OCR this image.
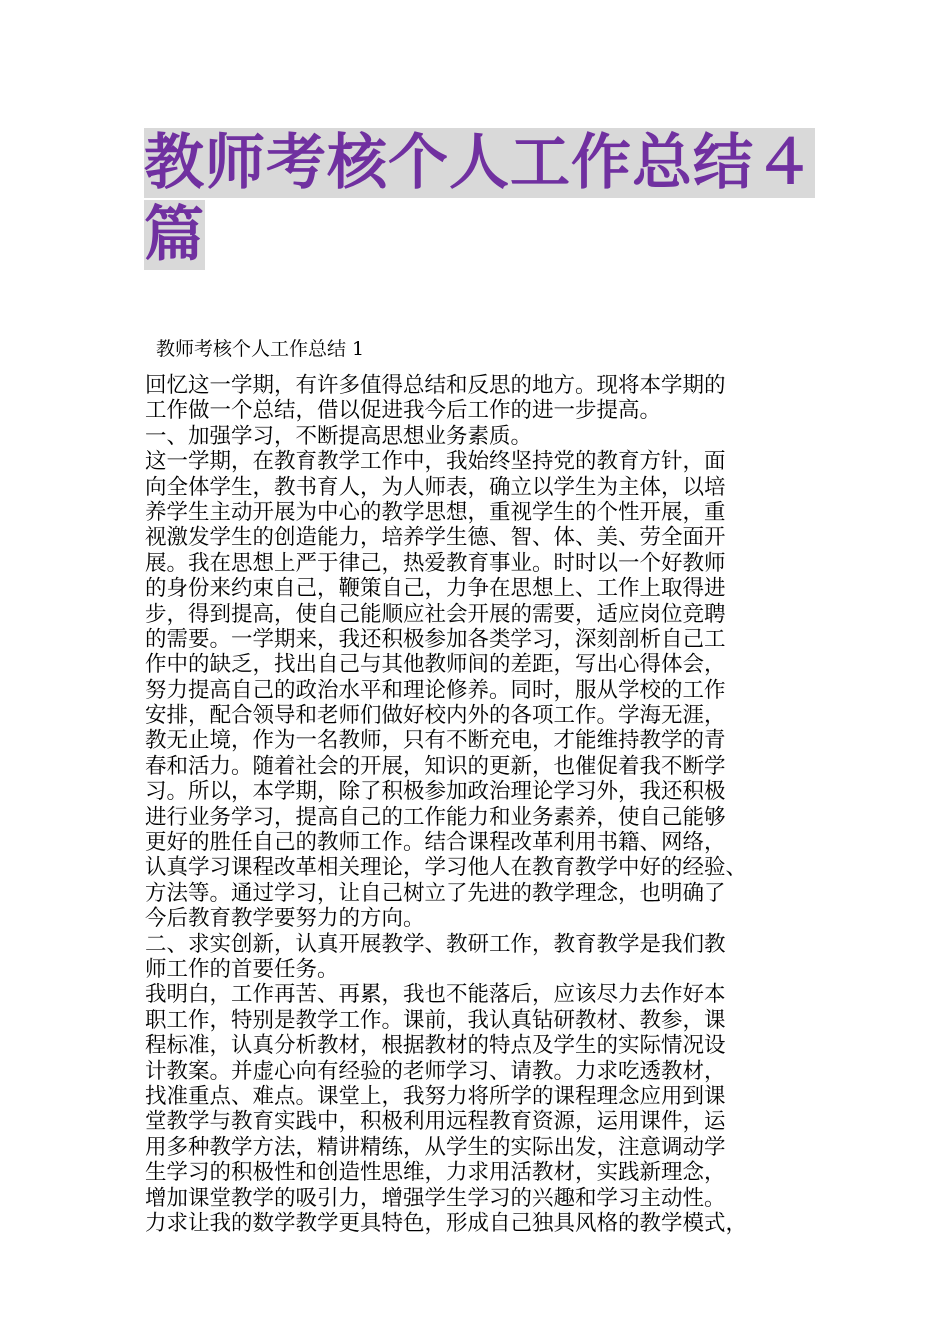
教师考核个人工作总结４
篇
教师考核个人工作总结 1
回忆这一学期，有许多值得总结和反思的地方。现将本学期的
工作做一个总结，借以促进我今后工作的进一步提高。
一、加强学习，不断提高思想业务素质。
这一学期，在教育教学工作中，我始终坚持党的教育方针，面
向全体学生，教书育人，为人师表，确立以学生为主体，以培
养学生主动开展为中心的教学思想，重视学生的个性开展，重
视激发学生的创造能力，培养学生德、智、体、美、劳全面开
展。我在思想上严于律己，热爱教育事业。时时以一个好教师
的身份来约束自己，鞭策自己，力争在思想上、工作上取得进
步，得到提高，使自己能顺应社会开展的需要，适应岗位竞聘
的需要。一学期来，我还积极参加各类学习，深刻剖析自己工
作中的缺乏，找出自己与其他教师间的差距，写出心得体会，
努力提高自己的政治水平和理论修养。同时，服从学校的工作
安排，配合领导和老师们做好校内外的各项工作。学海无涯，
教无止境，作为一名教师，只有不断充电，才能维持教学的青
春和活力。随着社会的开展，知识的更新，也催促着我不断学
习。所以，本学期，除了积极参加政治理论学习外，我还积极
进行业务学习，提高自己的工作能力和业务素养，使自己能够
更好的胜任自己的教师工作。结合课程改革利用书籍、网络，
认真学习课程改革相关理论，学习他人在教育教学中好的经验、
方法等。通过学习，让自己树立了先进的教学理念，也明确了
今后教育教学要努力的方向。
二、求实创新，认真开展教学、教研工作，教育教学是我们教
师工作的首要任务。
我明白，工作再苦、再累，我也不能落后，应该尽力去作好本
职工作，特别是教学工作。课前，我认真钻研教材、教参，课
程标准，认真分析教材，根据教材的特点及学生的实际情况设
计教案。并虚心向有经验的老师学习、请教。力求吃透教材，
找准重点、难点。课堂上，我努力将所学的课程理念应用到课
堂教学与教育实践中，积极利用远程教育资源，运用课件，运
用多种教学方法，精讲精练，从学生的实际出发，注意调动学
生学习的积极性和创造性思维，力求用活教材，实践新理念，
增加课堂教学的吸引力，增强学生学习的兴趣和学习主动性。
力求让我的数学教学更具特色，形成自己独具风格的教学模式，
